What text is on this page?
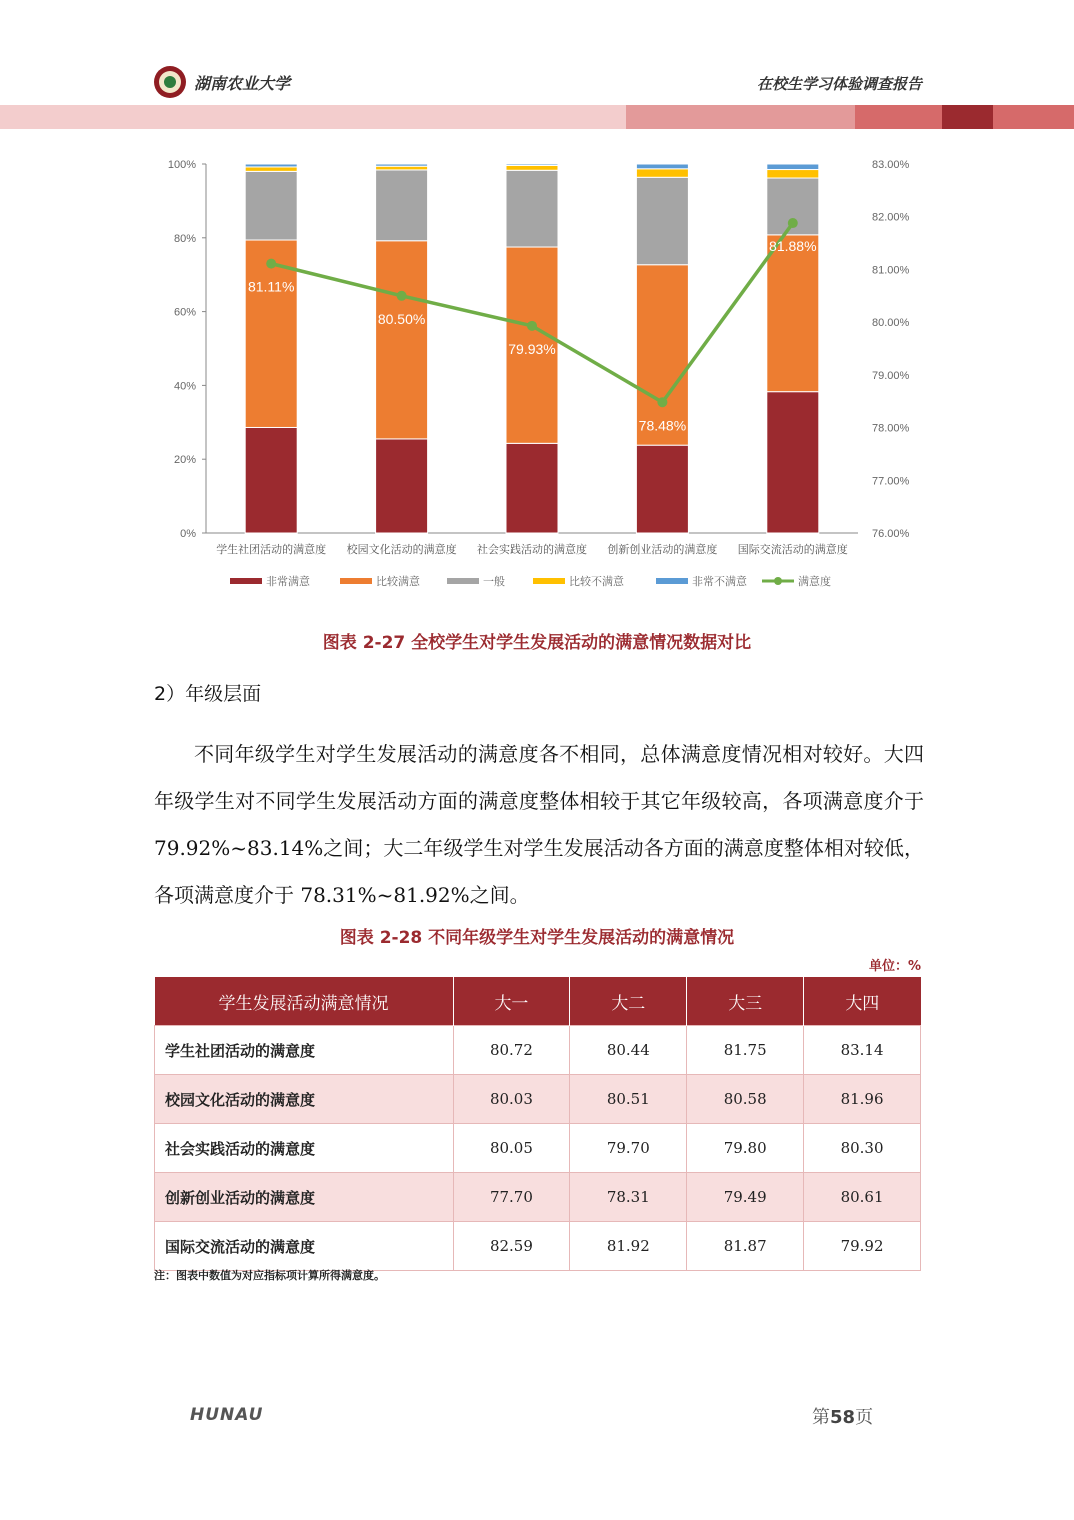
湖南农业大学	在校生学习体验调查报告
0%
20%
40%
60%
80%
100%
76.00%
77.00%
78.00%
79.00%
80.00%
81.00%
82.00%
83.00%
学生社团活动的满意度 校园文化活动的满意度 社会实践活动的满意度 创新创业活动的满意度 国际交流活动的满意度
81.11%
80.50%
79.93%
78.48%
81.88%
非常满意	比较满意	一般	比较不满意	非常不满意	满意度
图表 2-27 全校学生对学生发展活动的满意情况数据对比
2）年级层面

不同年级学生对学生发展活动的满意度各不相同，总体满意度情况相对较好。大四年级学生对不同学生发展活动方面的满意度整体相较于其它年级较高，各项满意度介于 79.92%~83.14%之间；大二年级学生对学生发展活动各方面的满意度整体相对较低，各项满意度介于 78.31%~81.92%之间。

图表 2-28 不同年级学生对学生发展活动的满意情况
单位：%
学生发展活动满意情况	大一	大二	大三	大四
学生社团活动的满意度	80.72	80.44	81.75	83.14
校园文化活动的满意度	80.03	80.51	80.58	81.96
社会实践活动的满意度	80.05	79.70	79.80	80.30
创新创业活动的满意度	77.70	78.31	79.49	80.61
国际交流活动的满意度	82.59	81.92	81.87	79.92
注：图表中数值为对应指标项计算所得满意度。
HUNAU	第58页
